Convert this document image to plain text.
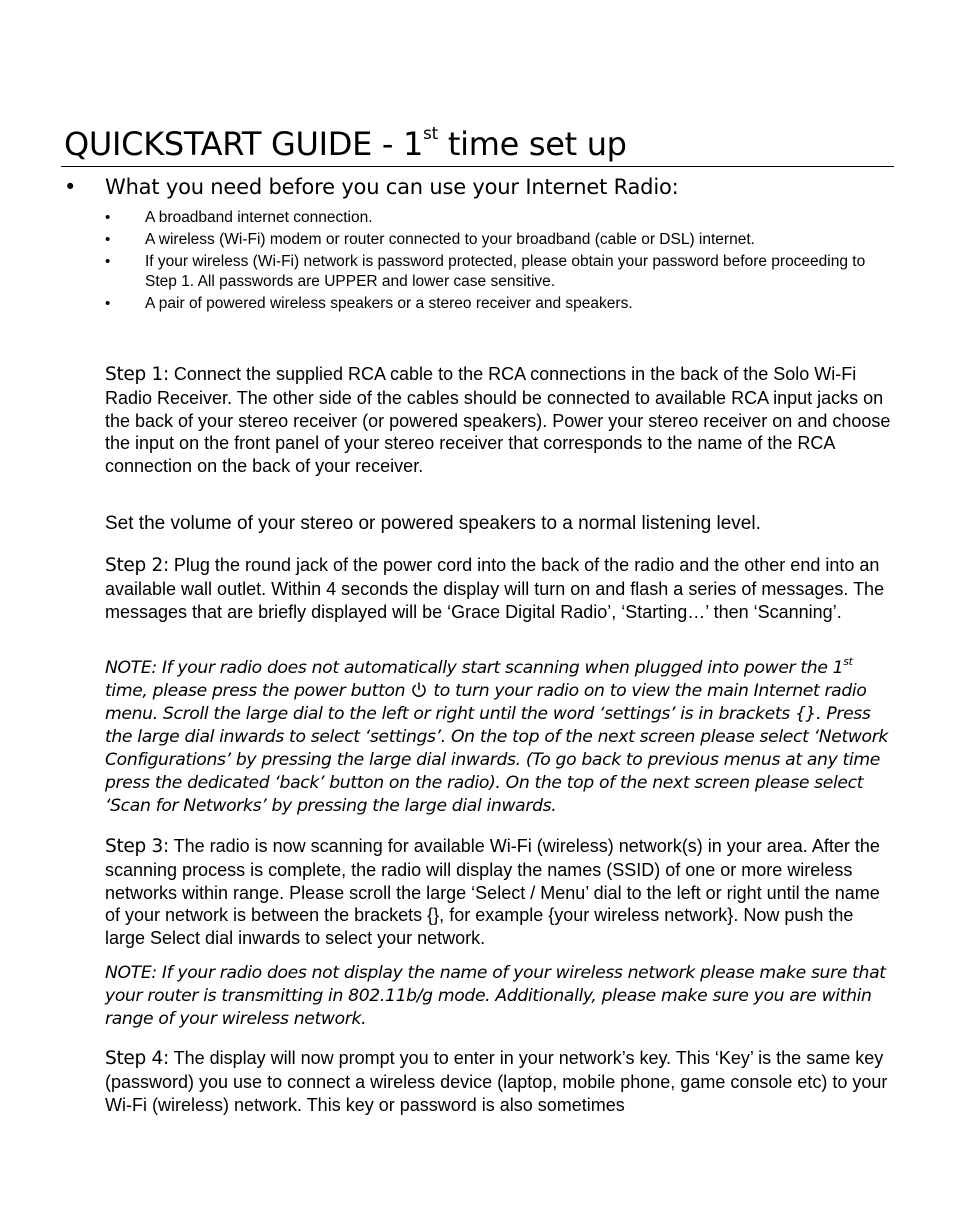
QUICKSTART GUIDE - 1st time set up
• What you need before you can use your Internet Radio:
• A broadband internet connection.
• A wireless (Wi-Fi) modem or router connected to your broadband (cable or DSL) internet.
• If your wireless (Wi-Fi) network is password protected, please obtain your password before proceeding to Step 1. All passwords are UPPER and lower case sensitive.
• A pair of powered wireless speakers or a stereo receiver and speakers.

Step 1: Connect the supplied RCA cable to the RCA connections in the back of the Solo Wi-Fi Radio Receiver. The other side of the cables should be connected to available RCA input jacks on the back of your stereo receiver (or powered speakers). Power your stereo receiver on and choose the input on the front panel of your stereo receiver that corresponds to the name of the RCA connection on the back of your receiver.

Set the volume of your stereo or powered speakers to a normal listening level.

Step 2: Plug the round jack of the power cord into the back of the radio and the other end into an available wall outlet. Within 4 seconds the display will turn on and flash a series of messages. The messages that are briefly displayed will be ‘Grace Digital Radio’, ‘Starting…’ then ‘Scanning’.

NOTE: If your radio does not automatically start scanning when plugged into power the 1st time, please press the power button  to turn your radio on to view the main Internet radio menu. Scroll the large dial to the left or right until the word ‘settings’ is in brackets {}. Press the large dial inwards to select ‘settings’. On the top of the next screen please select ‘Network Configurations’ by pressing the large dial inwards. (To go back to previous menus at any time press the dedicated ‘back’ button on the radio). On the top of the next screen please select ‘Scan for Networks’ by pressing the large dial inwards.

Step 3: The radio is now scanning for available Wi-Fi (wireless) network(s) in your area. After the scanning process is complete, the radio will display the names (SSID) of one or more wireless networks within range. Please scroll the large ‘Select / Menu’ dial to the left or right until the name of your network is between the brackets {}, for example {your wireless network}. Now push the large Select dial inwards to select your network.

NOTE: If your radio does not display the name of your wireless network please make sure that your router is transmitting in 802.11b/g mode. Additionally, please make sure you are within range of your wireless network.

Step 4: The display will now prompt you to enter in your network’s key. This ‘Key’ is the same key (password) you use to connect a wireless device (laptop, mobile phone, game console etc) to your Wi-Fi (wireless) network. This key or password is also sometimes
